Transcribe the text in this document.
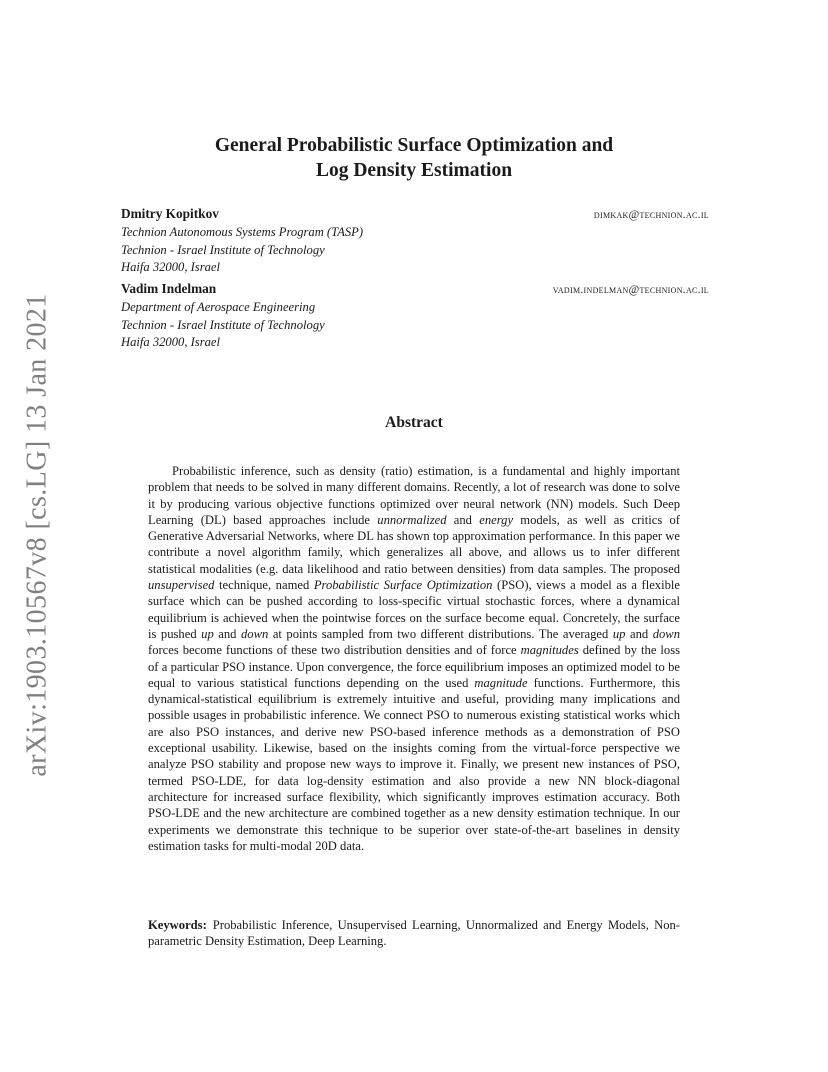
arXiv:1903.10567v8 [cs.LG] 13 Jan 2021
General Probabilistic Surface Optimization and
Log Density Estimation
Dmitry Kopitkov	dimkak@technion.ac.il
Technion Autonomous Systems Program (TASP)
Technion - Israel Institute of Technology
Haifa 32000, Israel
Vadim Indelman	vadim.indelman@technion.ac.il
Department of Aerospace Engineering
Technion - Israel Institute of Technology
Haifa 32000, Israel
Abstract
Probabilistic inference, such as density (ratio) estimation, is a fundamental and highly important problem that needs to be solved in many different domains. Recently, a lot of research was done to solve it by producing various objective functions optimized over neural network (NN) models. Such Deep Learning (DL) based approaches include unnormalized and energy models, as well as critics of Generative Adversarial Networks, where DL has shown top approximation performance. In this paper we contribute a novel algorithm family, which generalizes all above, and allows us to infer different statistical modalities (e.g. data likelihood and ratio between densities) from data samples. The proposed unsupervised technique, named Probabilistic Surface Optimization (PSO), views a model as a flexible surface which can be pushed according to loss-specific virtual stochastic forces, where a dynamical equilibrium is achieved when the pointwise forces on the surface become equal. Concretely, the surface is pushed up and down at points sampled from two different distributions. The averaged up and down forces become functions of these two distribution densities and of force magnitudes defined by the loss of a particular PSO instance. Upon convergence, the force equilibrium imposes an optimized model to be equal to various statistical functions depending on the used magnitude functions. Furthermore, this dynamical-statistical equilibrium is extremely intuitive and useful, providing many implications and possible usages in probabilistic inference. We connect PSO to numerous existing statistical works which are also PSO instances, and derive new PSO-based inference methods as a demonstration of PSO exceptional usability. Likewise, based on the insights coming from the virtual-force perspective we analyze PSO stability and propose new ways to improve it. Finally, we present new instances of PSO, termed PSO-LDE, for data log-density estimation and also provide a new NN block-diagonal architecture for increased surface flexibility, which significantly improves estimation accuracy. Both PSO-LDE and the new architecture are combined together as a new density estimation technique. In our experiments we demonstrate this technique to be superior over state-of-the-art baselines in density estimation tasks for multi-modal 20D data.
Keywords: Probabilistic Inference, Unsupervised Learning, Unnormalized and Energy Models, Non-parametric Density Estimation, Deep Learning.
